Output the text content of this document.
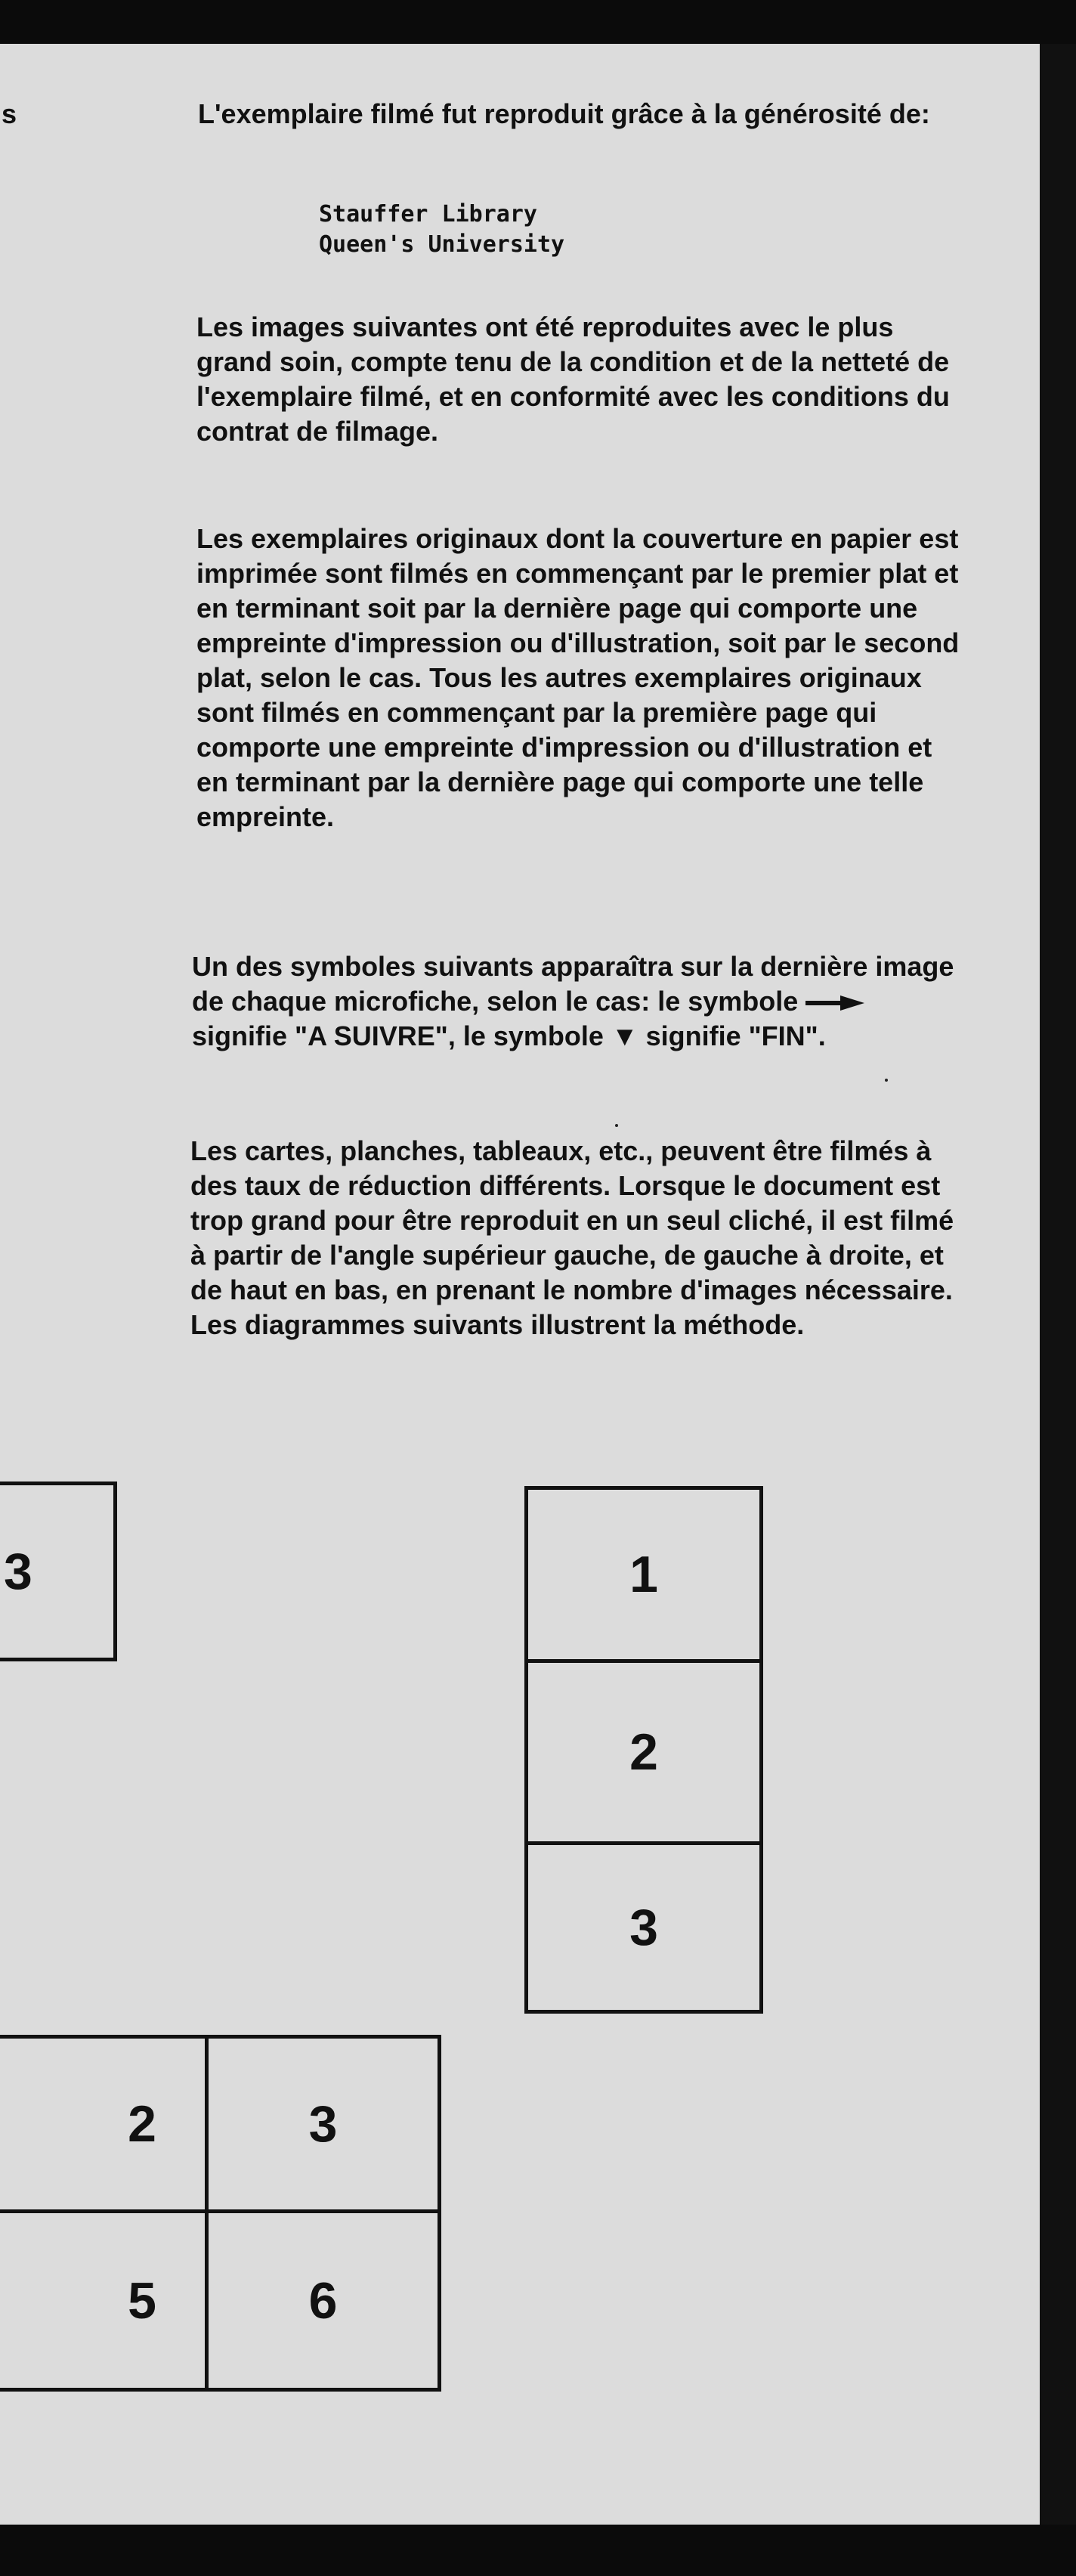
s	L'exemplaire filmé fut reproduit grâce à la générosité de:

Stauffer Library
Queen's University

Les images suivantes ont été reproduites avec le plus grand soin, compte tenu de la condition et de la netteté de l'exemplaire filmé, et en conformité avec les conditions du contrat de filmage.

Les exemplaires originaux dont la couverture en papier est imprimée sont filmés en commençant par le premier plat et en terminant soit par la dernière page qui comporte une empreinte d'impression ou d'illustration, soit par le second plat, selon le cas. Tous les autres exemplaires originaux sont filmés en commençant par la première page qui comporte une empreinte d'impression ou d'illustration et en terminant par la dernière page qui comporte une telle empreinte.

Un des symboles suivants apparaîtra sur la dernière image de chaque microfiche, selon le cas: le symbole  signifie "A SUIVRE", le symbole ▼ signifie "FIN".

Les cartes, planches, tableaux, etc., peuvent être filmés à des taux de réduction différents. Lorsque le document est trop grand pour être reproduit en un seul cliché, il est filmé à partir de l'angle supérieur gauche, de gauche à droite, et de haut en bas, en prenant le nombre d'images nécessaire. Les diagrammes suivants illustrent la méthode.

3	1
2
3
2	3
5	6
